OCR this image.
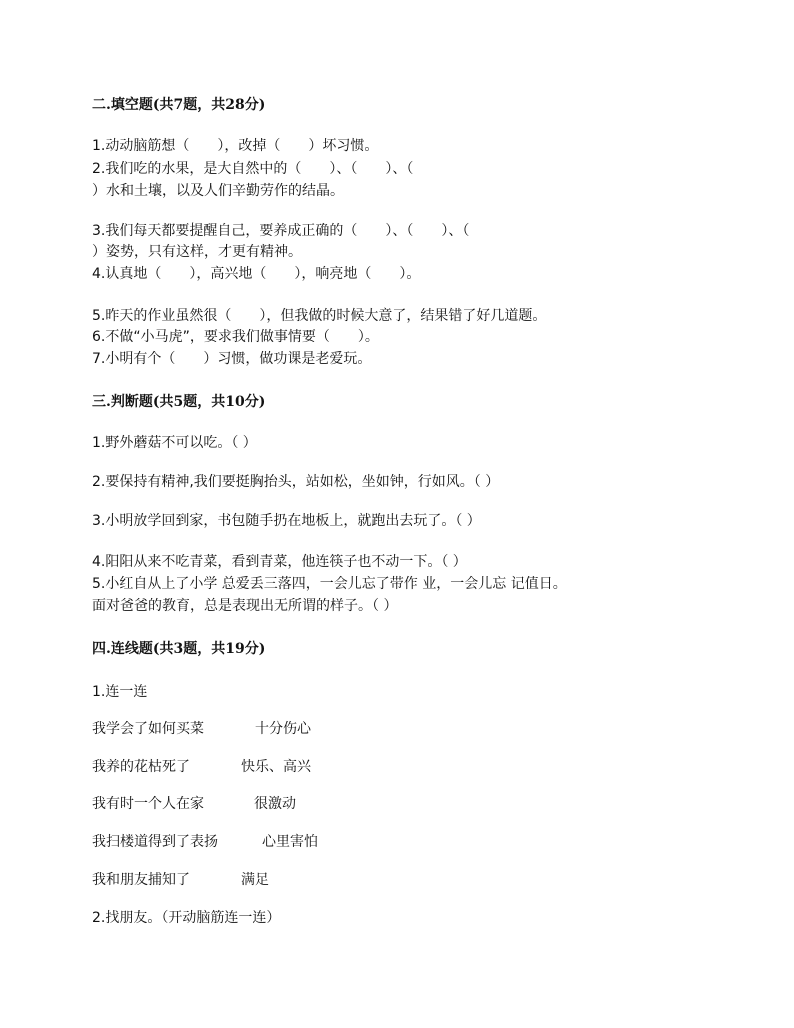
二.填空题(共7题，共28分)
1.动动脑筋想（　　），改掉（　　）坏习惯。
2.我们吃的水果，是大自然中的（　　）、（　　）、（
）水和土壤，以及人们辛勤劳作的结晶。
3.我们每天都要提醒自己，要养成正确的（　　）、（　　）、（
）姿势，只有这样，才更有精神。
4.认真地（　　），高兴地（　　），响亮地（　　）。
5.昨天的作业虽然很（　　），但我做的时候大意了，结果错了好几道题。
6.不做“小马虎”，要求我们做事情要（　　）。
7.小明有个（　　）习惯，做功课是老爱玩。
三.判断题(共5题，共10分)
1.野外蘑菇不可以吃。（ ）
2.要保持有精神,我们要挺胸抬头，站如松，坐如钟，行如风。（ ）
3.小明放学回到家，书包随手扔在地板上，就跑出去玩了。（ ）
4.阳阳从来不吃青菜，看到青菜，他连筷子也不动一下。（ ）
5.小红自从上了小学 总爱丢三落四，一会儿忘了带作 业，一会儿忘 记值日。
面对爸爸的教育，总是表现出无所谓的样子。（ ）
四.连线题(共3题，共19分)
1.连一连
我学会了如何买菜	十分伤心
我养的花枯死了	快乐、高兴
我有时一个人在家	很激动
我扫楼道得到了表扬	心里害怕
我和朋友捕知了	满足
2.找朋友。（开动脑筋连一连）
